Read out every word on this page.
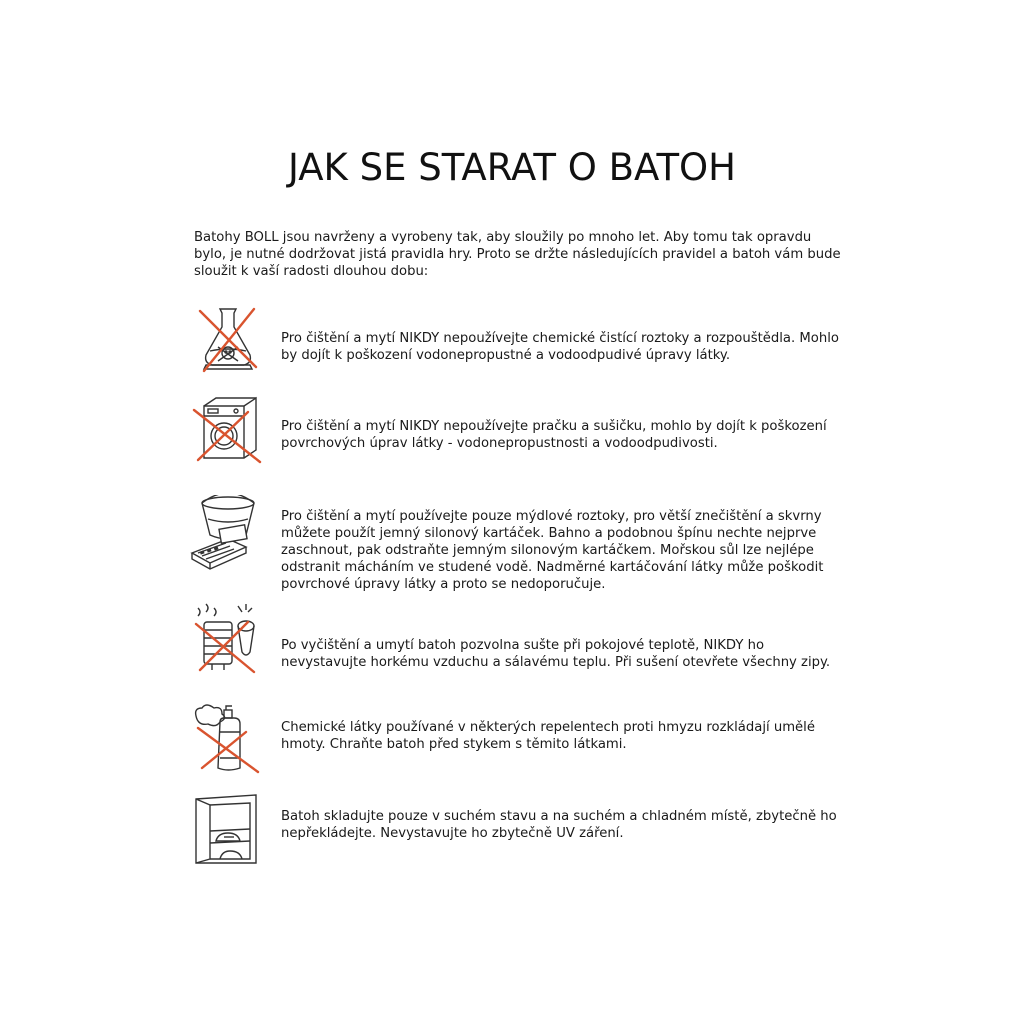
JAK SE STARAT O BATOH

Batohy BOLL jsou navrženy a vyrobeny tak, aby sloužily po mnoho let. Aby tomu tak opravdu bylo, je nutné dodržovat jistá pravidla hry. Proto se držte následujících pravidel a batoh vám bude sloužit k vaší radosti dlouhou dobu:

Pro čištění a mytí NIKDY nepoužívejte chemické čistící roztoky a rozpouštědla. Mohlo by dojít k poškození vodonepropustné a vodoodpudivé úpravy látky.

Pro čištění a mytí NIKDY nepoužívejte pračku a sušičku, mohlo by dojít k poškození povrchových úprav látky - vodonepropustnosti a vodoodpudivosti.

Pro čištění a mytí používejte pouze mýdlové roztoky, pro větší znečištění a skvrny můžete použít jemný silonový kartáček. Bahno a podobnou špínu nechte nejprve zaschnout, pak odstraňte jemným silonovým kartáčkem. Mořskou sůl lze nejlépe odstranit mácháním ve studené vodě. Nadměrné kartáčování látky může poškodit povrchové úpravy látky a proto se nedoporučuje.

Po vyčištění a umytí batoh pozvolna sušte při pokojové teplotě, NIKDY ho nevystavujte horkému vzduchu a sálavému teplu. Při sušení otevřete všechny zipy.

Chemické látky používané v některých repelentech proti hmyzu rozkládají umělé hmoty. Chraňte batoh před stykem s těmito látkami.

Batoh skladujte pouze v suchém stavu a na suchém a chladném místě, zbytečně ho nepřekládejte. Nevystavujte ho zbytečně UV záření.
